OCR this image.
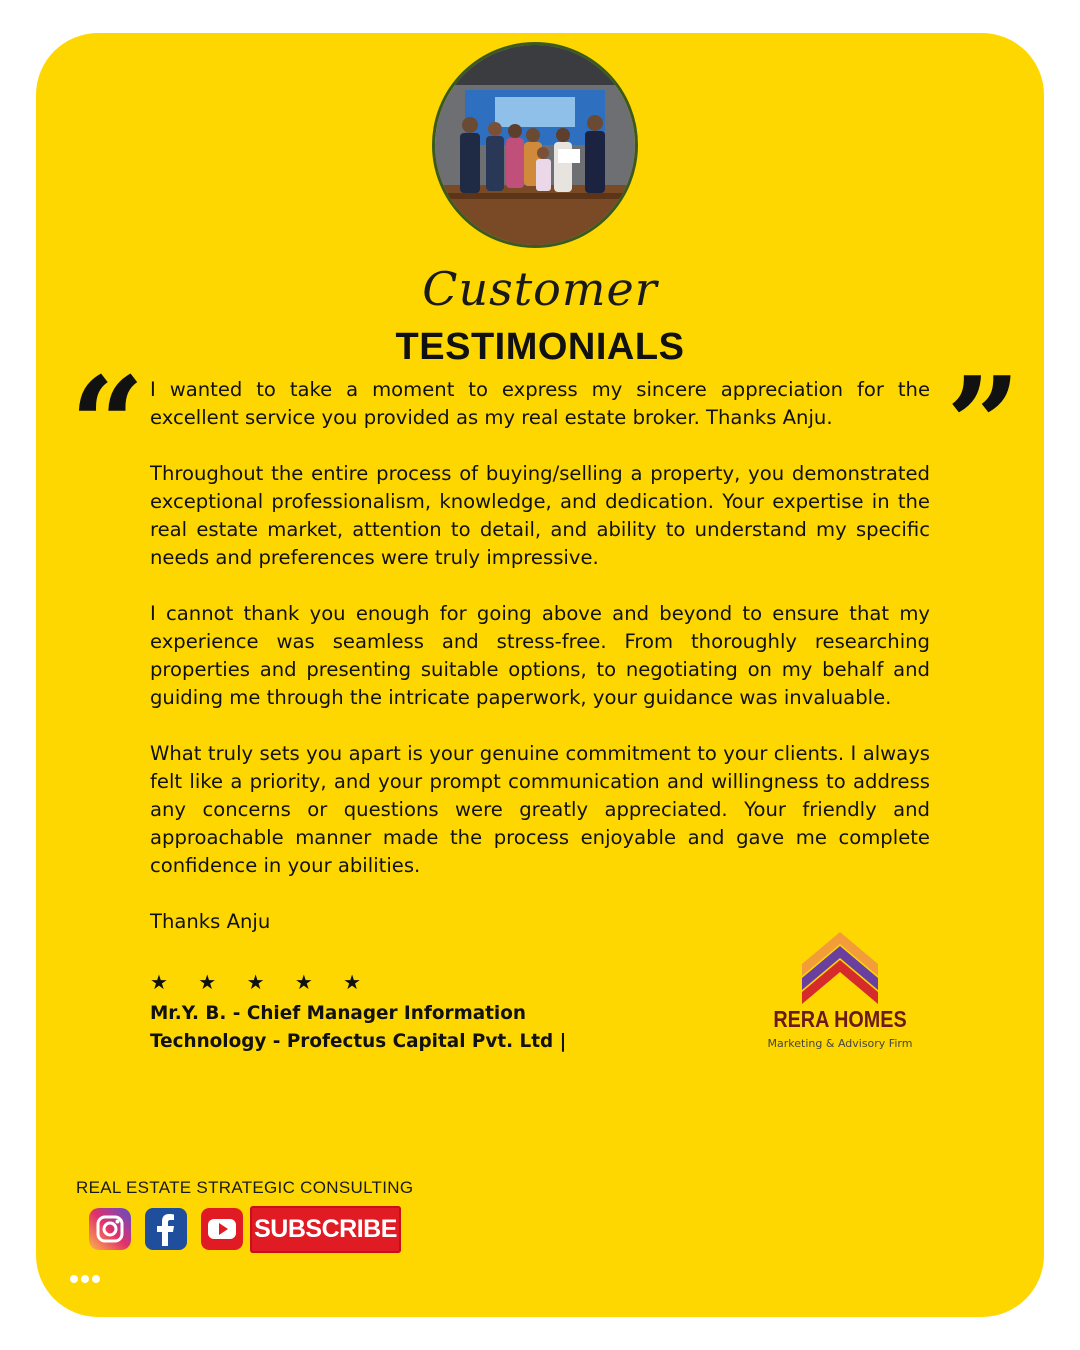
Customer
TESTIMONIALS
“	”

I wanted to take a moment to express my sincere appreciation for the excellent service you provided as my real estate broker. Thanks Anju.

Throughout the entire process of buying/selling a property, you demonstrated exceptional professionalism, knowledge, and dedication. Your expertise in the real estate market, attention to detail, and ability to understand my specific needs and preferences were truly impressive.

I cannot thank you enough for going above and beyond to ensure that my experience was seamless and stress-free. From thoroughly researching properties and presenting suitable options, to negotiating on my behalf and guiding me through the intricate paperwork, your guidance was invaluable.

What truly sets you apart is your genuine commitment to your clients. I always felt like a priority, and your prompt communication and willingness to address any concerns or questions were greatly appreciated. Your friendly and approachable manner made the process enjoyable and gave me complete confidence in your abilities.

Thanks Anju

★ ★ ★ ★ ★
Mr.Y. B. - Chief Manager Information
Technology - Profectus Capital Pvt. Ltd |
RERA HOMES
Marketing & Advisory Firm
REAL ESTATE STRATEGIC CONSULTING
SUBSCRIBE
